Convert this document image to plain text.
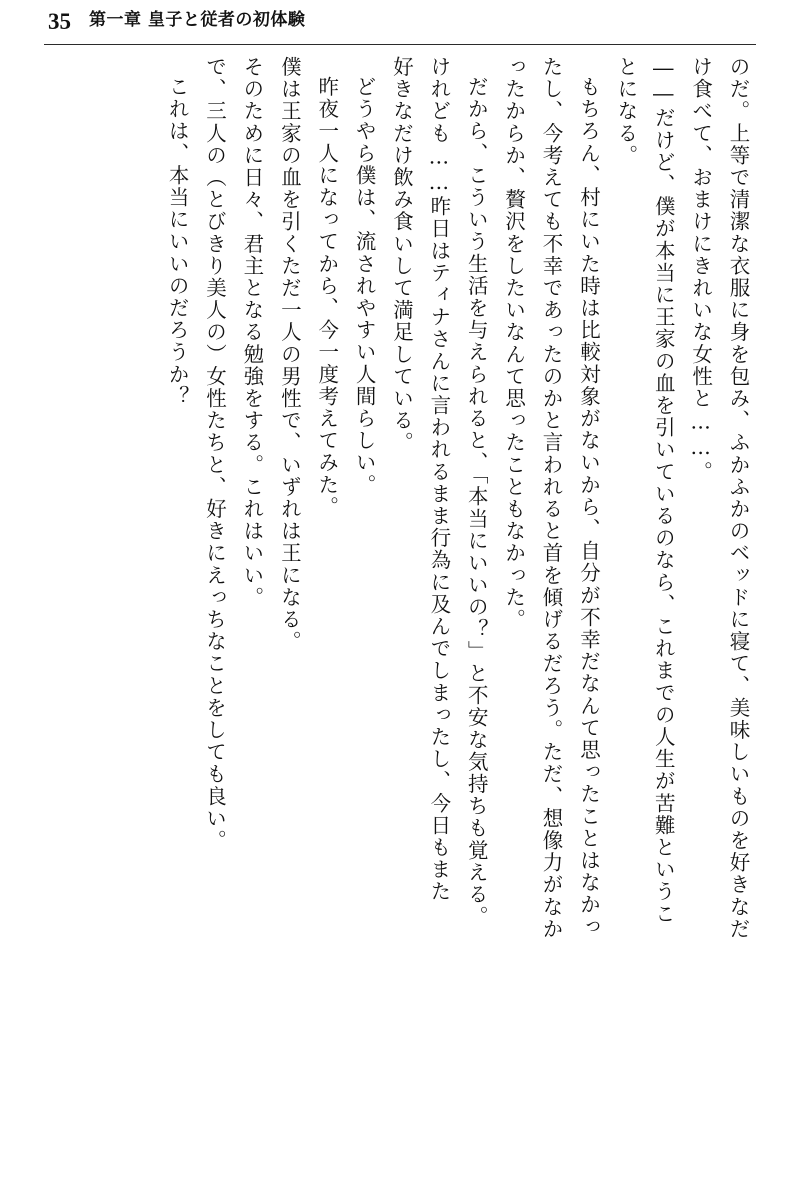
35 第一章 皇子と従者の初体験
のだ。上等で清潔な衣服に身を包み、ふかふかのベッドに寝て、美味しいものを好きなだ
け食べて、おまけにきれいな女性と……。
――だけど、僕が本当に王家の血を引いているのなら、これまでの人生が苦難というこ
とになる。
もちろん、村にいた時は比較対象がないから、自分が不幸だなんて思ったことはなかっ
たし、今考えても不幸であったのかと言われると首を傾げるだろう。ただ、想像力がなか
ったからか、贅沢をしたいなんて思ったこともなかった。
だから、こういう生活を与えられると、「本当にいいの？」と不安な気持ちも覚える。
けれども……昨日はティナさんに言われるまま行為に及んでしまったし、今日もまた
好きなだけ飲み食いして満足している。
どうやら僕は、流されやすい人間らしい。
昨夜一人になってから、今一度考えてみた。
僕は王家の血を引くただ一人の男性で、いずれは王になる。
そのために日々、君主となる勉強をする。これはいい。
で、三人の（とびきり美人の）女性たちと、好きにえっちなことをしても良い。
これは、本当にいいのだろうか？
